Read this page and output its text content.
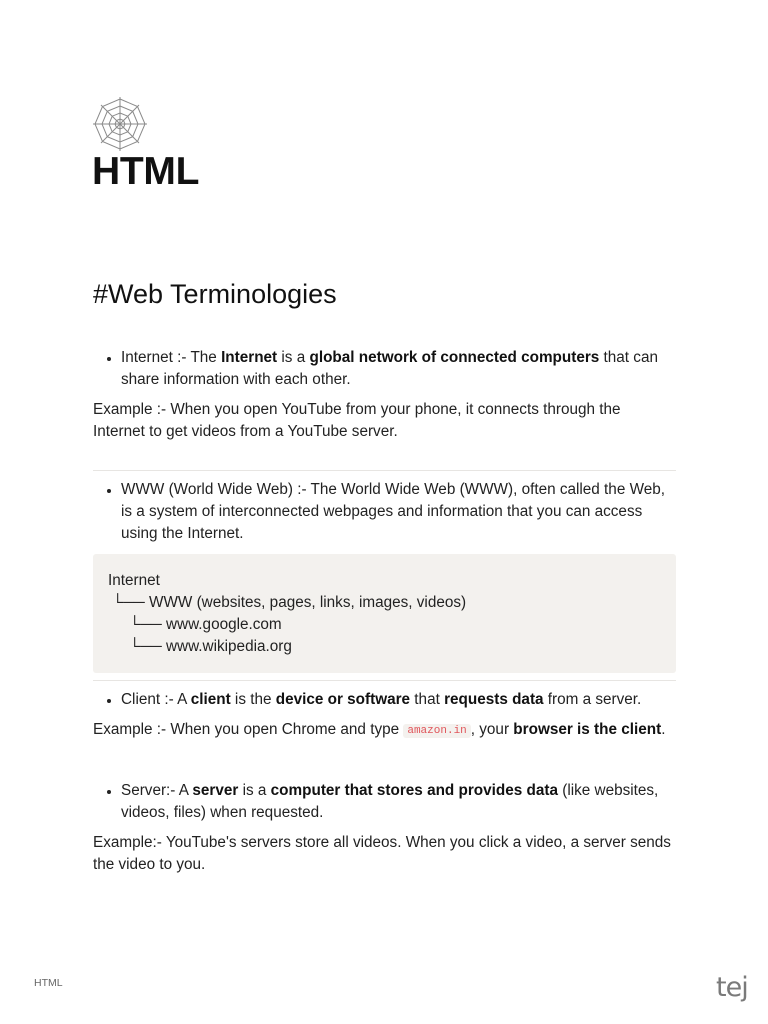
HTML
#Web Terminologies
• Internet :- The Internet is a global network of connected computers that can share information with each other.

Example :- When you open YouTube from your phone, it connects through the Internet to get videos from a YouTube server.

• WWW (World Wide Web) :- The World Wide Web (WWW), often called the Web, is a system of interconnected webpages and information that you can access using the Internet.
Internet
└── WWW (websites, pages, links, images, videos)
└── www.google.com
└── www.wikipedia.org
• Client :- A client is the device or software that requests data from a server.

Example :- When you open Chrome and type amazon.in , your browser is the client.

• Server:- A server is a computer that stores and provides data (like websites, videos, files) when requested.

Example:- YouTube's servers store all videos. When you click a video, a server sends the video to you.

HTML	tej
